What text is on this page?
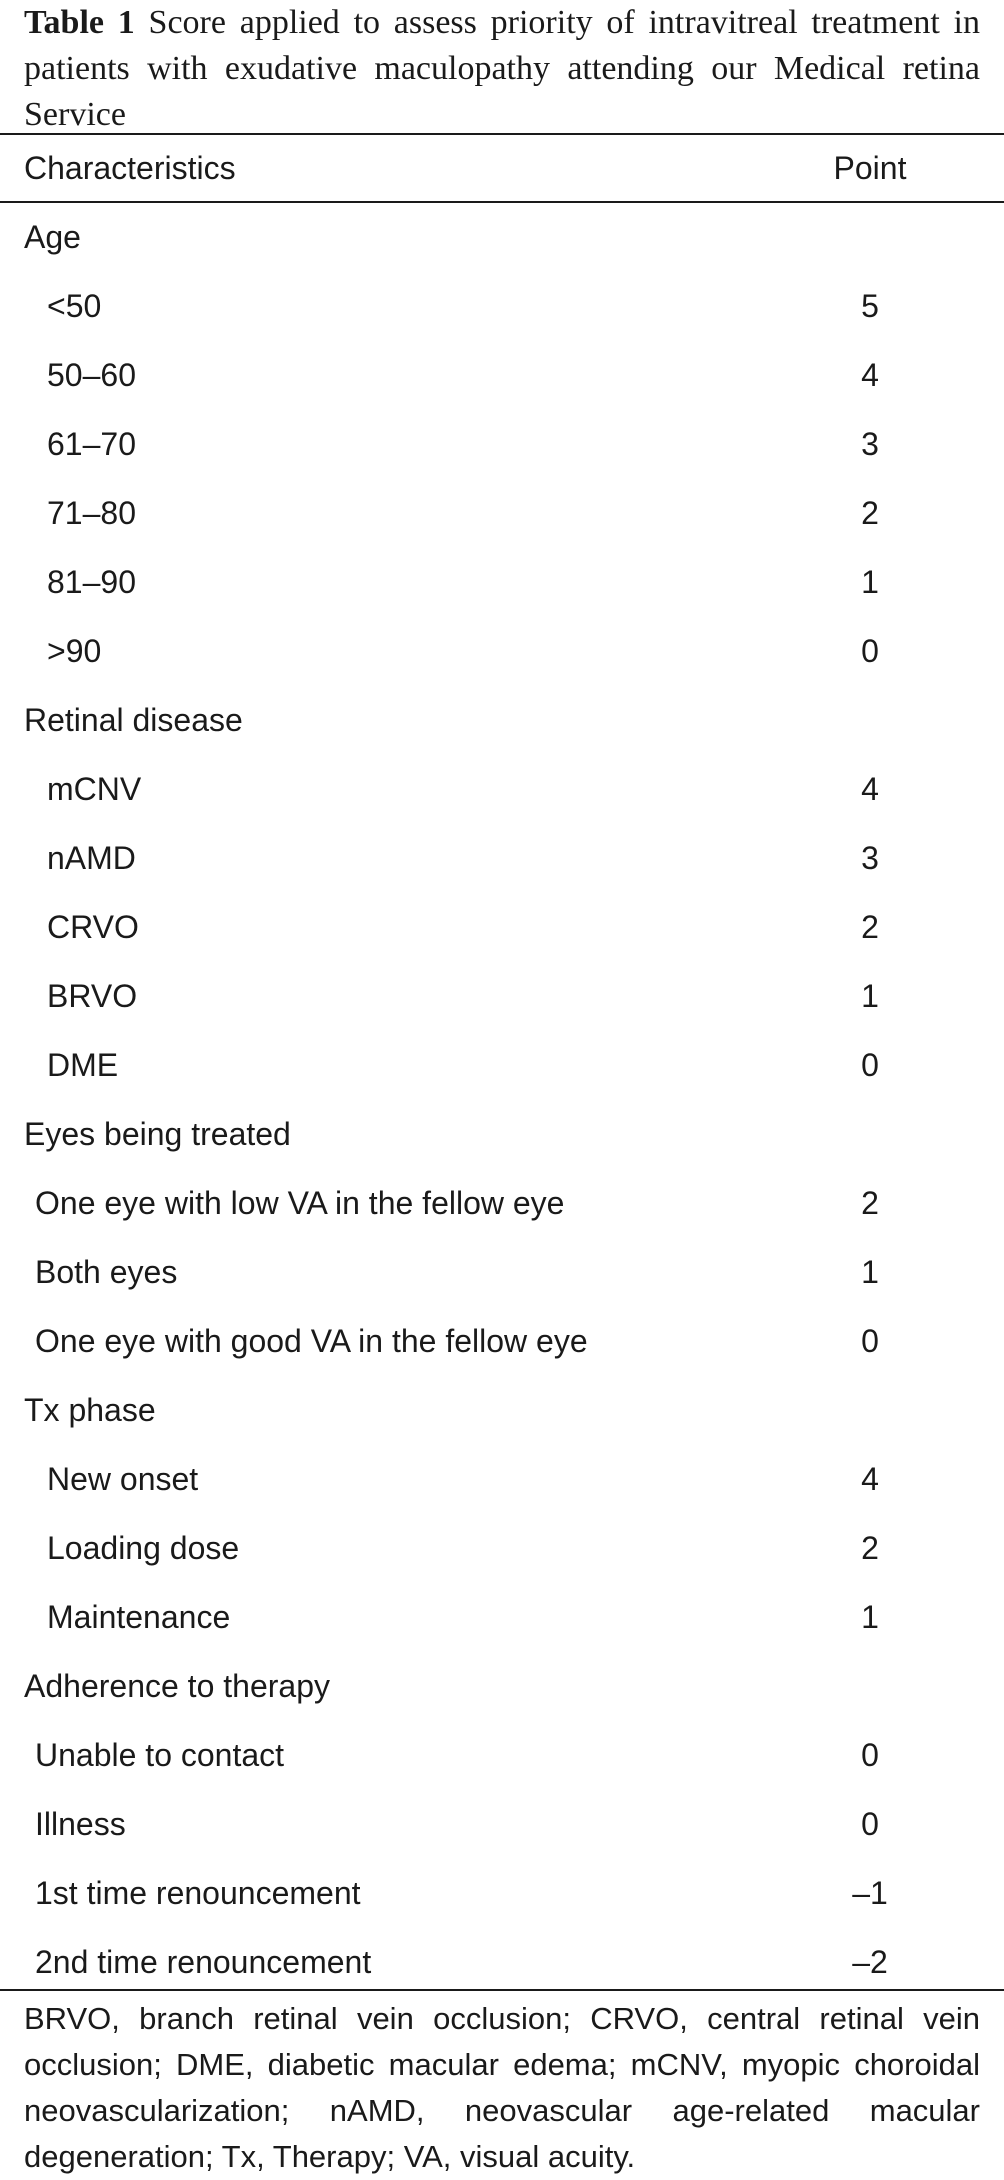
Table 1 Score applied to assess priority of intravitreal treatment in patients with exudative maculopathy attending our Medical retina Service
Characteristics	Point
Age
<50	5
50–60	4
61–70	3
71–80	2
81–90	1
>90	0
Retinal disease
mCNV	4
nAMD	3
CRVO	2
BRVO	1
DME	0
Eyes being treated
One eye with low VA in the fellow eye	2
Both eyes	1
One eye with good VA in the fellow eye	0
Tx phase
New onset	4
Loading dose	2
Maintenance	1
Adherence to therapy
Unable to contact	0
Illness	0
1st time renouncement	–1
2nd time renouncement	–2
BRVO, branch retinal vein occlusion; CRVO, central retinal vein occlusion; DME, diabetic macular edema; mCNV, myopic choroidal neovascularization; nAMD, neovascular age-related macular degeneration; Tx, Therapy; VA, visual acuity.
